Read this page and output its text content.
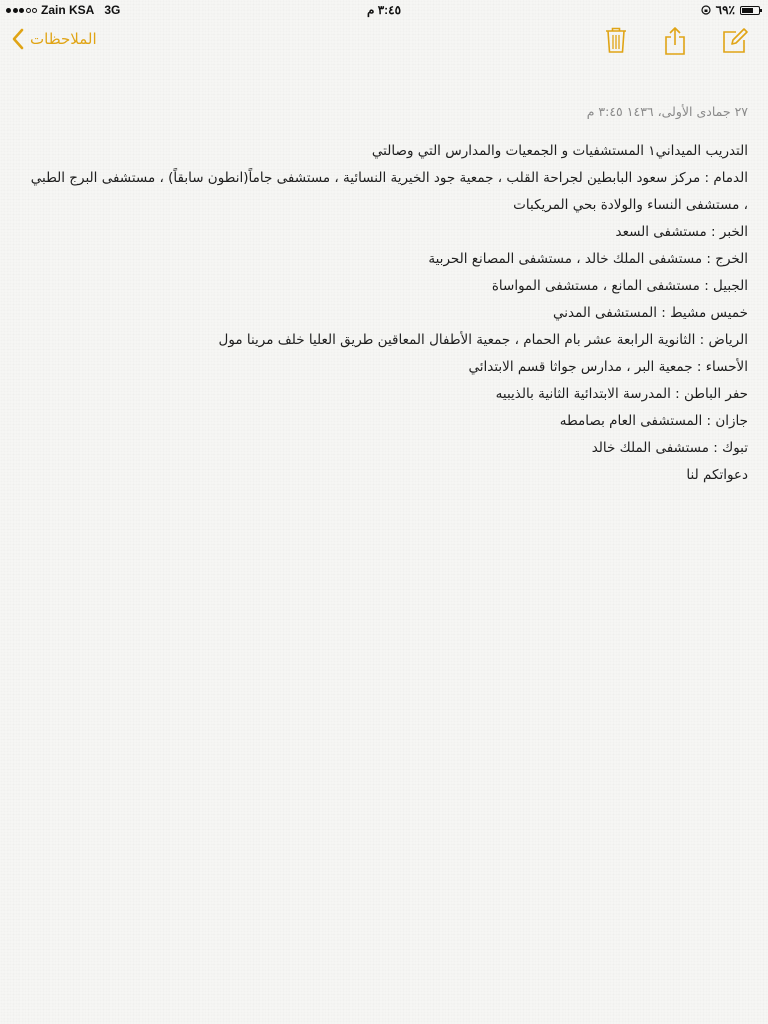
Zain KSA 3G	٣:٤٥ م	٦٩٪
الملاحظات
٢٧ جمادى الأولى، ١٤٣٦ ٣:٤٥ م
التدريب الميداني١ المستشفيات و الجمعيات والمدارس التي وصالتي
الدمام : مركز سعود البابطين لجراحة القلب ، جمعية جود الخيرية النسائية ، مستشفى جاماً(انطون سابقاً) ، مستشفى البرج الطبي ، مستشفى النساء والولادة بحي المريكبات
الخبر : مستشفى السعد
الخرج : مستشفى الملك خالد ، مستشفى المصانع الحربية
الجبيل : مستشفى المانع ، مستشفى المواساة
خميس مشيط : المستشفى المدني
الرياض : الثانوية الرابعة عشر بام الحمام ، جمعية الأطفال المعاقين طريق العليا خلف مرينا مول
الأحساء : جمعية البر ، مدارس جواثا قسم الابتدائي
حفر الباطن : المدرسة الابتدائية الثانية بالذيبيه
جازان : المستشفى العام بصامطه
تبوك : مستشفى الملك خالد
دعواتكم لنا
